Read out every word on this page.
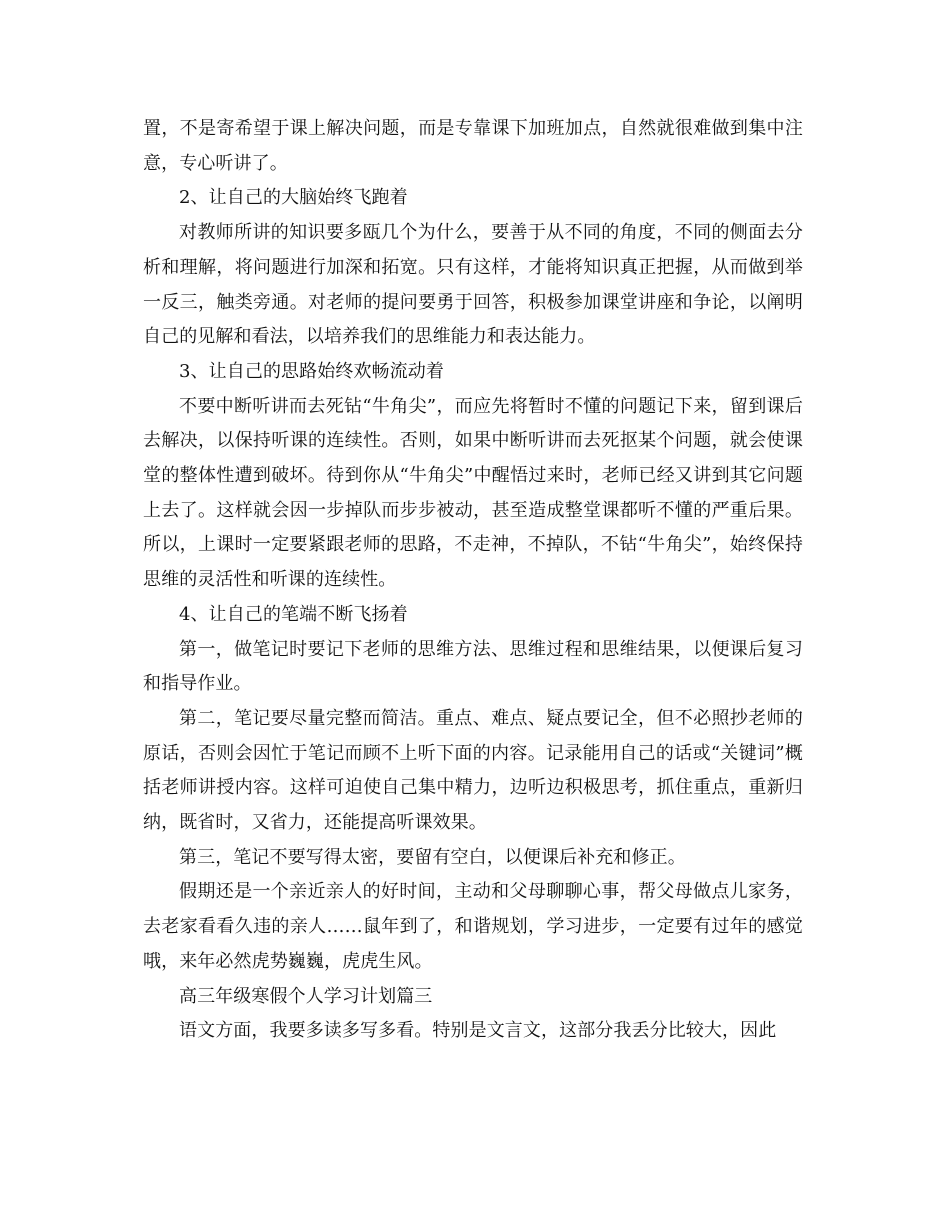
置，不是寄希望于课上解决问题，而是专靠课下加班加点，自然就很难做到集中注意，专心听讲了。

2、让自己的大脑始终飞跑着

对教师所讲的知识要多瓯几个为什么，要善于从不同的角度，不同的侧面去分析和理解，将问题进行加深和拓宽。只有这样，才能将知识真正把握，从而做到举一反三，触类旁通。对老师的提问要勇于回答，积极参加课堂讲座和争论，以阐明自己的见解和看法，以培养我们的思维能力和表达能力。

3、让自己的思路始终欢畅流动着

不要中断听讲而去死钻“牛角尖”，而应先将暂时不懂的问题记下来，留到课后去解决，以保持听课的连续性。否则，如果中断听讲而去死抠某个问题，就会使课堂的整体性遭到破坏。待到你从“牛角尖”中醒悟过来时，老师已经又讲到其它问题上去了。这样就会因一步掉队而步步被动，甚至造成整堂课都听不懂的严重后果。所以，上课时一定要紧跟老师的思路，不走神，不掉队，不钻“牛角尖”，始终保持思维的灵活性和听课的连续性。

4、让自己的笔端不断飞扬着

第一，做笔记时要记下老师的思维方法、思维过程和思维结果，以便课后复习和指导作业。

第二，笔记要尽量完整而简洁。重点、难点、疑点要记全，但不必照抄老师的原话，否则会因忙于笔记而顾不上听下面的内容。记录能用自己的话或“关键词”概括老师讲授内容。这样可迫使自己集中精力，边听边积极思考，抓住重点，重新归纳，既省时，又省力，还能提高听课效果。

第三，笔记不要写得太密，要留有空白，以便课后补充和修正。

假期还是一个亲近亲人的好时间，主动和父母聊聊心事，帮父母做点儿家务，去老家看看久违的亲人……鼠年到了，和谐规划，学习进步，一定要有过年的感觉哦，来年必然虎势巍巍，虎虎生风。

高三年级寒假个人学习计划篇三

语文方面，我要多读多写多看。特别是文言文，这部分我丢分比较大，因此
